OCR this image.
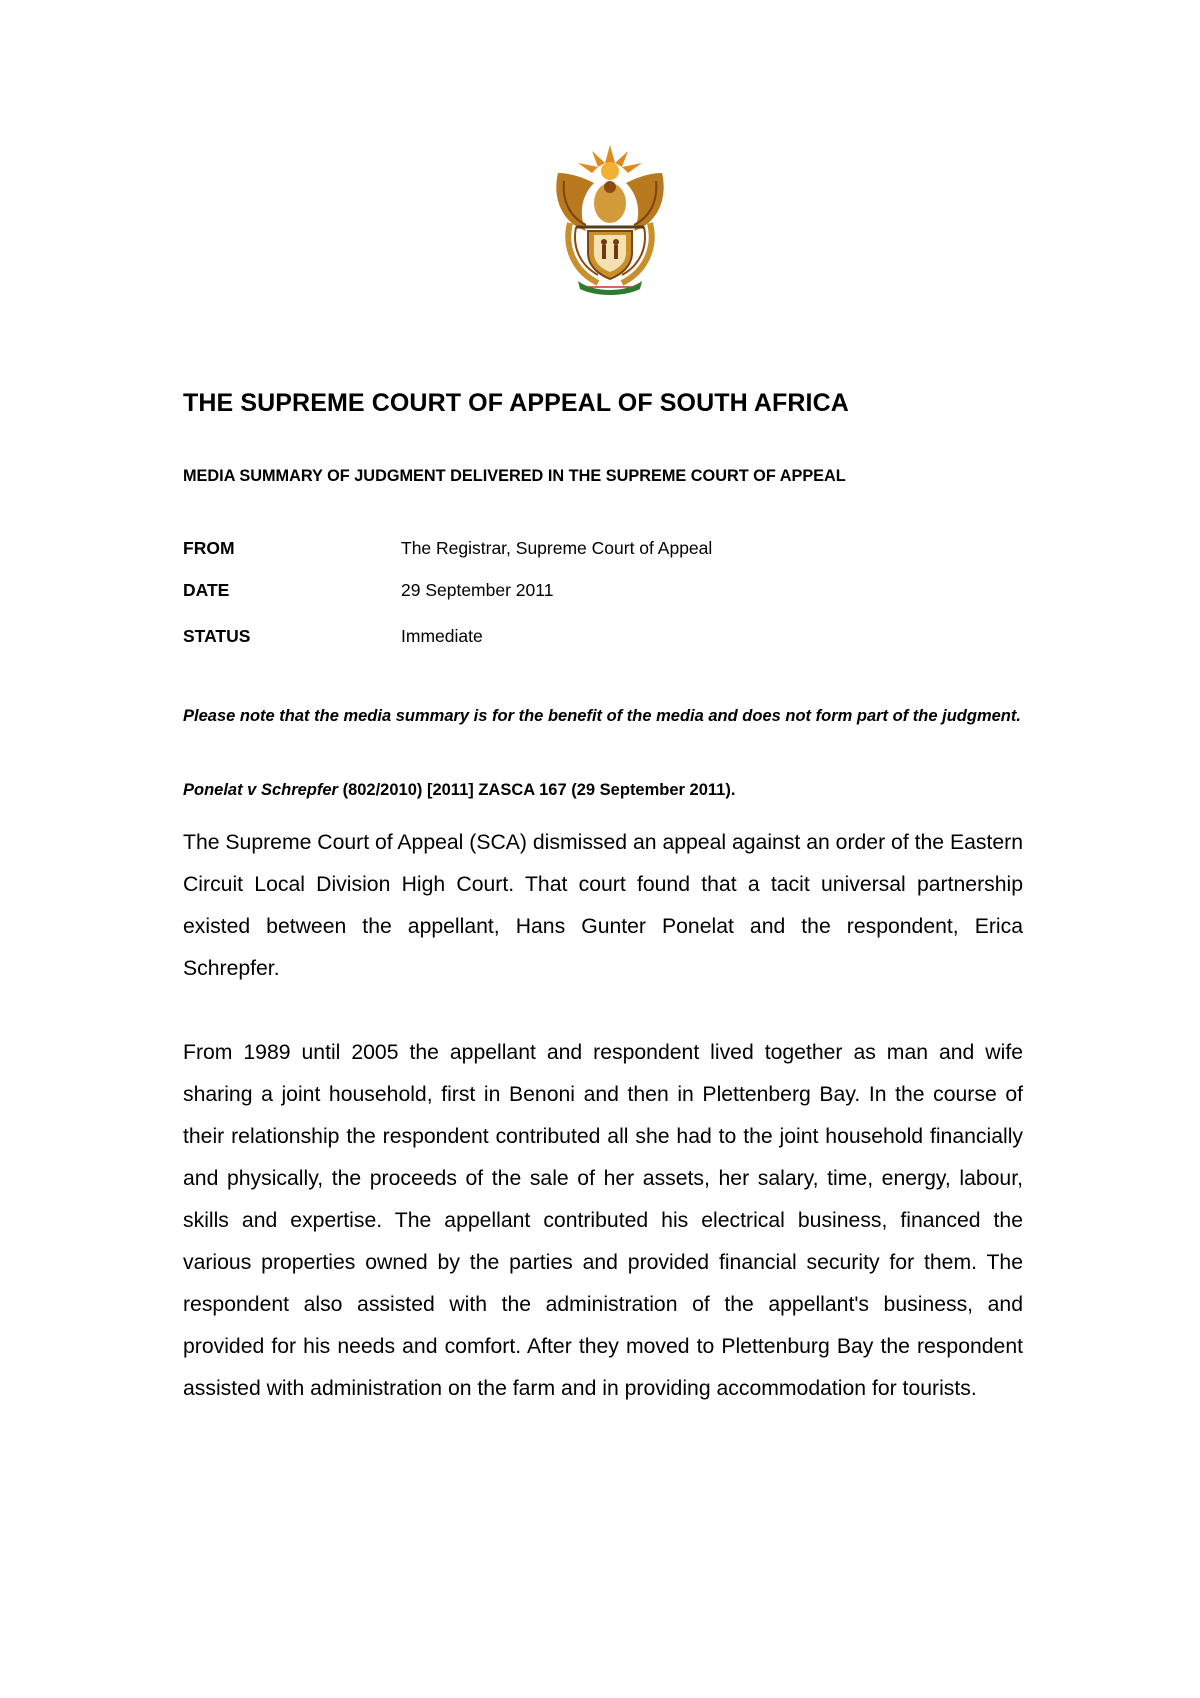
THE SUPREME COURT OF APPEAL OF SOUTH AFRICA
MEDIA SUMMARY OF JUDGMENT DELIVERED IN THE SUPREME COURT OF APPEAL
FROM	The Registrar, Supreme Court of Appeal
DATE	29 September 2011
STATUS	Immediate
Please note that the media summary is for the benefit of the media and does not form part of the judgment.
Ponelat v Schrepfer (802/2010) [2011] ZASCA 167 (29 September 2011).
The Supreme Court of Appeal (SCA) dismissed an appeal against an order of the Eastern Circuit Local Division High Court. That court found that a tacit universal partnership existed between the appellant, Hans Gunter Ponelat and the respondent, Erica Schrepfer.
From 1989 until 2005 the appellant and respondent lived together as man and wife sharing a joint household, first in Benoni and then in Plettenberg Bay. In the course of their relationship the respondent contributed all she had to the joint household financially and physically, the proceeds of the sale of her assets, her salary, time, energy, labour, skills and expertise. The appellant contributed his electrical business, financed the various properties owned by the parties and provided financial security for them. The respondent also assisted with the administration of the appellant's business, and provided for his needs and comfort. After they moved to Plettenburg Bay the respondent assisted with administration on the farm and in providing accommodation for tourists.
